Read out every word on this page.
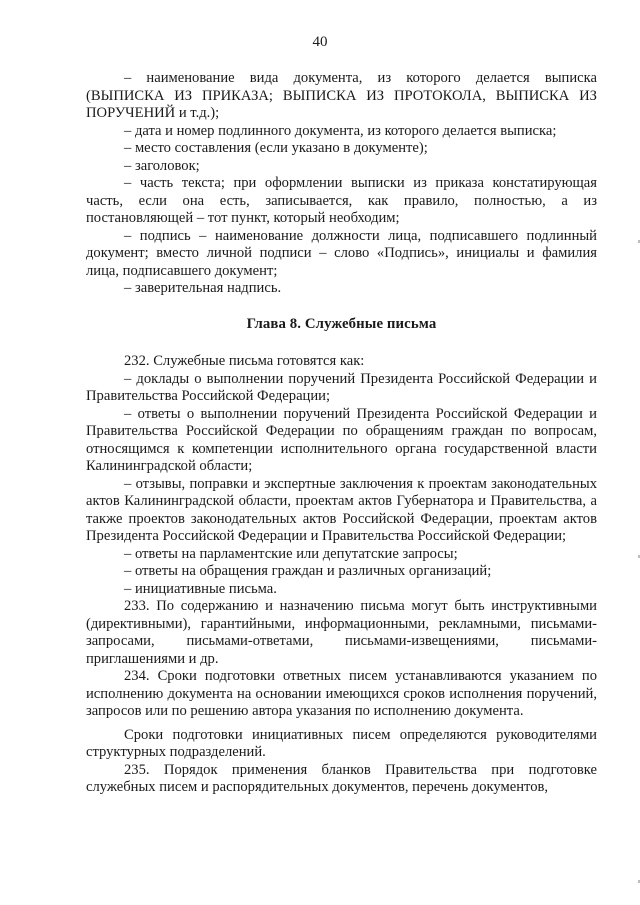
40

– наименование вида документа, из которого делается выписка (ВЫПИСКА ИЗ ПРИКАЗА; ВЫПИСКА ИЗ ПРОТОКОЛА, ВЫПИСКА ИЗ ПОРУЧЕНИЙ и т.д.);

– дата и номер подлинного документа, из которого делается выписка;

– место составления (если указано в документе);

– заголовок;

– часть текста; при оформлении выписки из приказа констатирующая часть, если она есть, записывается, как правило, полностью, а из постановляющей – тот пункт, который необходим;

– подпись – наименование должности лица, подписавшего подлинный документ; вместо личной подписи – слово «Подпись», инициалы и фамилия лица, подписавшего документ;

– заверительная надпись.

Глава 8. Служебные письма

232. Служебные письма готовятся как:

– доклады о выполнении поручений Президента Российской Федерации и Правительства Российской Федерации;

– ответы о выполнении поручений Президента Российской Федерации и Правительства Российской Федерации по обращениям граждан по вопросам, относящимся к компетенции исполнительного органа государственной власти Калининградской области;

– отзывы, поправки и экспертные заключения к проектам законодательных актов Калининградской области, проектам актов Губернатора и Правительства, а также проектов законодательных актов Российской Федерации, проектам актов Президента Российской Федерации и Правительства Российской Федерации;

– ответы на парламентские или депутатские запросы;

– ответы на обращения граждан и различных организаций;

– инициативные письма.

233. По содержанию и назначению письма могут быть инструктивными (директивными), гарантийными, информационными, рекламными, письмами-запросами, письмами-ответами, письмами-извещениями, письмами-приглашениями и др.

234. Сроки подготовки ответных писем устанавливаются указанием по исполнению документа на основании имеющихся сроков исполнения поручений, запросов или по решению автора указания по исполнению документа.

Сроки подготовки инициативных писем определяются руководителями структурных подразделений.

235. Порядок применения бланков Правительства при подготовке служебных писем и распорядительных документов, перечень документов,
